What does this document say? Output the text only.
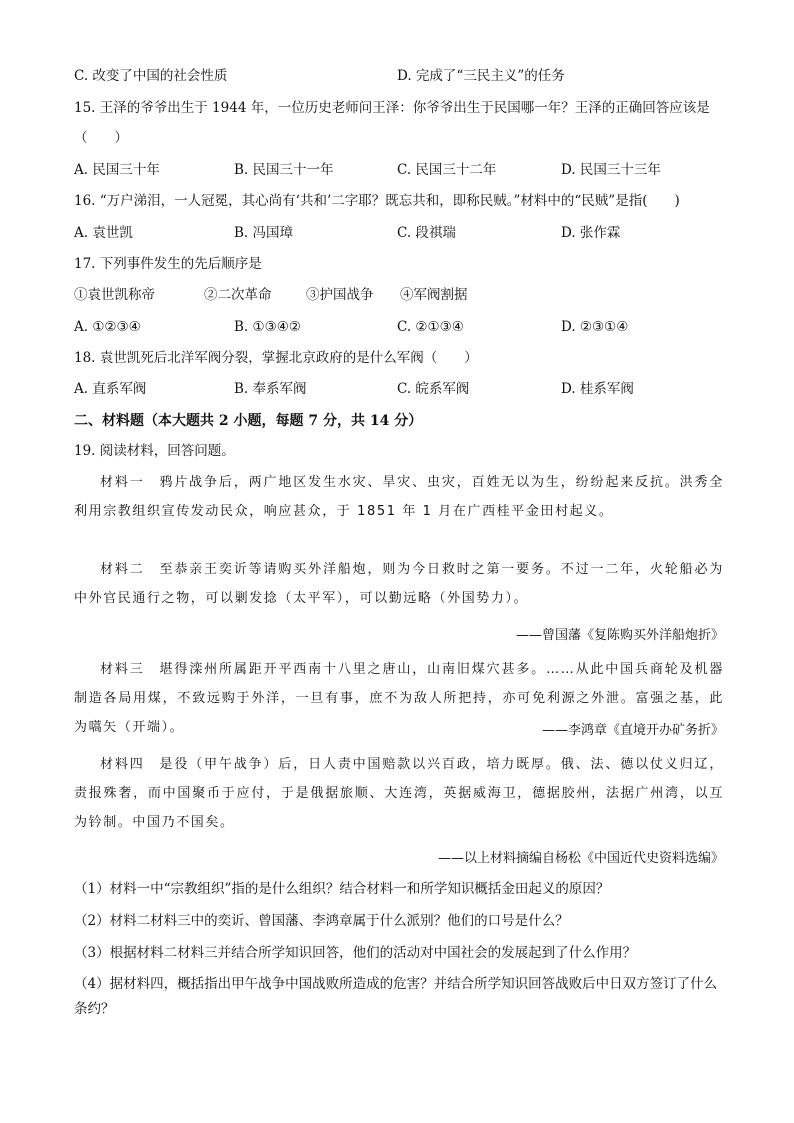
C. 改变了中国的社会性质	D. 完成了“三民主义”的任务
15. 王泽的爷爷出生于 1944 年，一位历史老师问王泽：你爷爷出生于民国哪一年？王泽的正确回答应该是
（　　）
A. 民国三十年	B. 民国三十一年	C. 民国三十二年	D. 民国三十三年
16. “万户涕泪，一人冠冕，其心尚有‘共和’二字耶？既忘共和，即称民贼。”材料中的“民贼”是指(　　)
A. 袁世凯	B. 冯国璋	C. 段祺瑞	D. 张作霖
17. 下列事件发生的先后顺序是
①袁世凯称帝	②二次革命	③护国战争 ④军阀割据
A. ①②③④	B. ①③④②	C. ②①③④	D. ②③①④
18. 袁世凯死后北洋军阀分裂，掌握北京政府的是什么军阀（　　）
A. 直系军阀	B. 奉系军阀	C. 皖系军阀	D. 桂系军阀
二、材料题（本大题共 2 小题，每题 7 分，共 14 分）
19. 阅读材料，回答问题。
材料一　鸦片战争后，两广地区发生水灾、旱灾、虫灾，百姓无以为生，纷纷起来反抗。洪秀全利用宗教组织宣传发动民众，响应甚众，于 1851 年 1 月在广西桂平金田村起义。
材料二　至恭亲王奕䜣等请购买外洋船炮，则为今日救时之第一要务。不过一二年，火轮船必为中外官民通行之物，可以剿发捻（太平军），可以勤远略（外国势力）。
——曾国藩《复陈购买外洋船炮折》
材料三　堪得滦州所属距开平西南十八里之唐山，山南旧煤穴甚多。……从此中国兵商轮及机器制造各局用煤，不致远购于外洋，一旦有事，庶不为敌人所把持，亦可免利源之外泄。富强之基，此为嚆矢（开端）。	——李鸿章《直境开办矿务折》
材料四　是役（甲午战争）后，日人责中国赔款以兴百政，培力既厚。俄、法、德以仗义归辽，责报殊奢，而中国聚币于应付，于是俄据旅顺、大连湾，英据威海卫，德据胶州，法据广州湾，以互为钤制。中国乃不国矣。
——以上材料摘编自杨松《中国近代史资料选编》
（1）材料一中“宗教组织”指的是什么组织？结合材料一和所学知识概括金田起义的原因？
（2）材料二材料三中的奕䜣、曾国藩、李鸿章属于什么派别？他们的口号是什么？
（3）根据材料二材料三并结合所学知识回答，他们的活动对中国社会的发展起到了什么作用？
（4）据材料四，概括指出甲午战争中国战败所造成的危害？并结合所学知识回答战败后中日双方签订了什么条约？
